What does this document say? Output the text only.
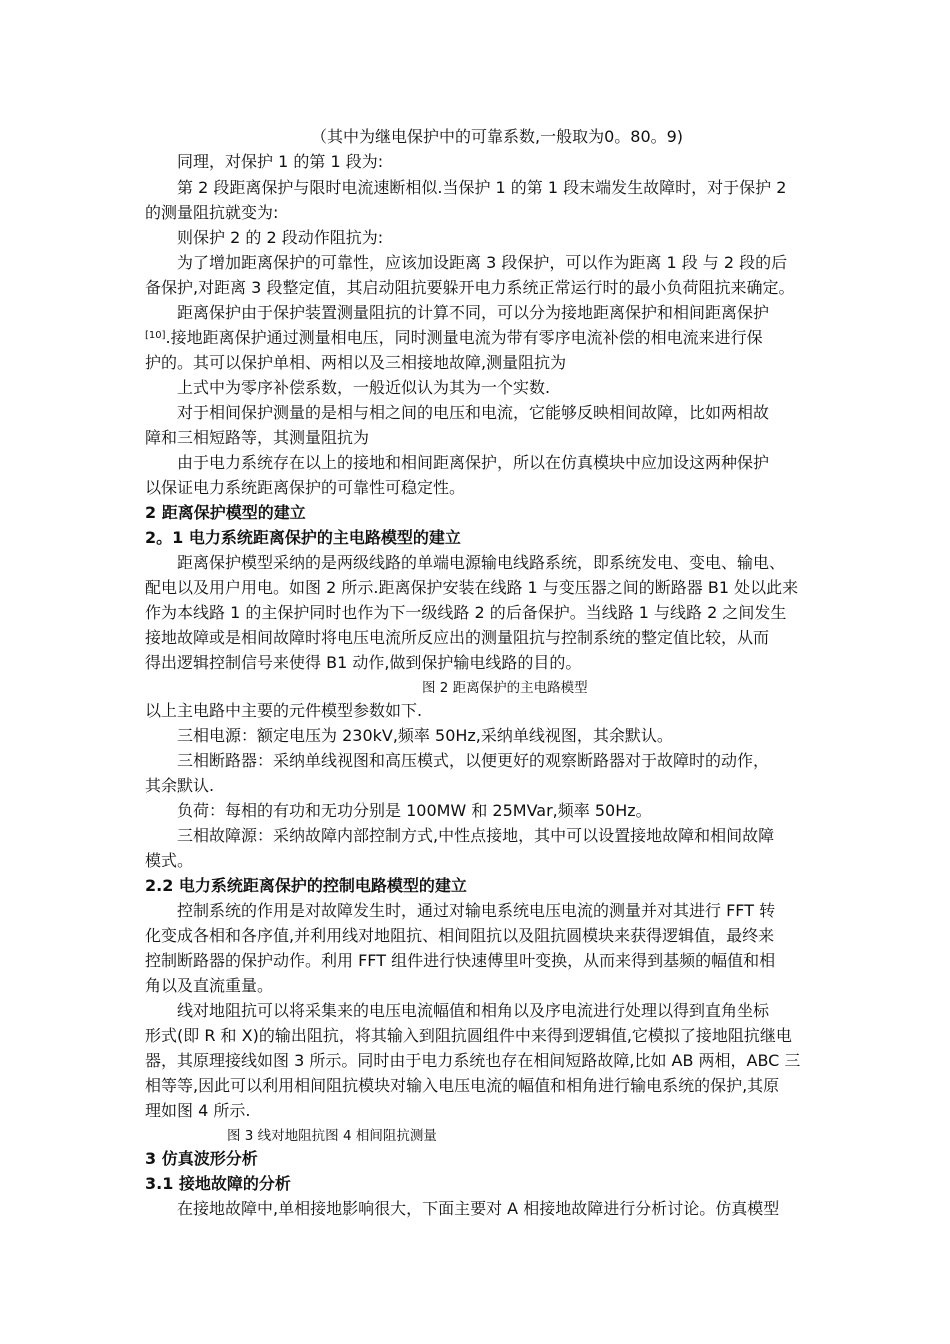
（其中为继电保护中的可靠系数,一般取为0。80。9)

同理，对保护 1 的第 1 段为:

第 2 段距离保护与限时电流速断相似.当保护 1 的第 1 段末端发生故障时，对于保护 2

的测量阻抗就变为:

则保护 2 的 2 段动作阻抗为:

为了增加距离保护的可靠性，应该加设距离 3 段保护，可以作为距离 1 段 与 2 段的后

备保护,对距离 3 段整定值，其启动阻抗要躲开电力系统正常运行时的最小负荷阻抗来确定。

距离保护由于保护装置测量阻抗的计算不同，可以分为接地距离保护和相间距离保护

[10].接地距离保护通过测量相电压，同时测量电流为带有零序电流补偿的相电流来进行保

护的。其可以保护单相、两相以及三相接地故障,测量阻抗为

上式中为零序补偿系数，一般近似认为其为一个实数.

对于相间保护测量的是相与相之间的电压和电流，它能够反映相间故障，比如两相故

障和三相短路等，其测量阻抗为

由于电力系统存在以上的接地和相间距离保护，所以在仿真模块中应加设这两种保护

以保证电力系统距离保护的可靠性可稳定性。

2 距离保护模型的建立

2。1 电力系统距离保护的主电路模型的建立

距离保护模型采纳的是两级线路的单端电源输电线路系统，即系统发电、变电、输电、

配电以及用户用电。如图 2 所示.距离保护安装在线路 1 与变压器之间的断路器 B1 处以此来

作为本线路 1 的主保护同时也作为下一级线路 2 的后备保护。当线路 1 与线路 2 之间发生

接地故障或是相间故障时将电压电流所反应出的测量阻抗与控制系统的整定值比较，从而

得出逻辑控制信号来使得 B1 动作,做到保护输电线路的目的。

图 2 距离保护的主电路模型

以上主电路中主要的元件模型参数如下.

三相电源：额定电压为 230kV,频率 50Hz,采纳单线视图，其余默认。

三相断路器：采纳单线视图和高压模式，以便更好的观察断路器对于故障时的动作，

其余默认.

负荷：每相的有功和无功分别是 100MW 和 25MVar,频率 50Hz。

三相故障源：采纳故障内部控制方式,中性点接地，其中可以设置接地故障和相间故障

模式。

2.2 电力系统距离保护的控制电路模型的建立

控制系统的作用是对故障发生时，通过对输电系统电压电流的测量并对其进行 FFT 转

化变成各相和各序值,并利用线对地阻抗、相间阻抗以及阻抗圆模块来获得逻辑值，最终来

控制断路器的保护动作。利用 FFT 组件进行快速傅里叶变换，从而来得到基频的幅值和相

角以及直流重量。

线对地阻抗可以将采集来的电压电流幅值和相角以及序电流进行处理以得到直角坐标

形式(即 R 和 X)的输出阻抗，将其输入到阻抗圆组件中来得到逻辑值,它模拟了接地阻抗继电

器，其原理接线如图 3 所示。同时由于电力系统也存在相间短路故障,比如 AB 两相，ABC 三

相等等,因此可以利用相间阻抗模块对输入电压电流的幅值和相角进行输电系统的保护,其原

理如图 4 所示.

图 3 线对地阻抗图 4 相间阻抗测量

3 仿真波形分析

3.1 接地故障的分析

在接地故障中,单相接地影响很大，下面主要对 A 相接地故障进行分析讨论。仿真模型
